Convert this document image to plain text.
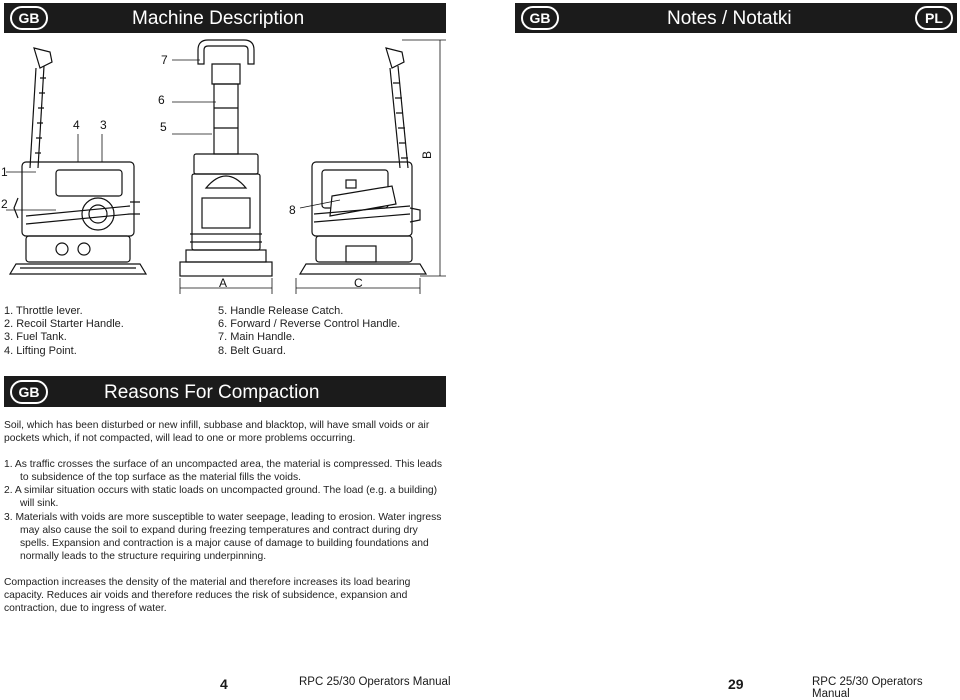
GB	Machine Description
7
6
5
4 3
1
2	8
A	C
B
1. Throttle lever.
2. Recoil Starter Handle.
3. Fuel Tank.
4. Lifting Point.
5. Handle Release Catch.
6. Forward / Reverse Control Handle.
7. Main Handle.
8. Belt Guard.
GB	Reasons For Compaction

Soil, which has been disturbed or new infill, subbase and blacktop, will have small voids or air pockets which, if not compacted, will lead to one or more problems occurring.

1. As traffic crosses the surface of an uncompacted area, the material is compressed. This leads to subsidence of the top surface as the material fills the voids.

2. A similar situation occurs with static loads on uncompacted ground. The load (e.g. a building) will sink.

3. Materials with voids are more susceptible to water seepage, leading to erosion. Water ingress may also cause the soil to expand during freezing temperatures and contract during dry spells. Expansion and contraction is a major cause of damage to building foundations and normally leads to the structure requiring underpinning.

Compaction increases the density of the material and therefore increases its load bearing capacity. Reduces air voids and therefore reduces the risk of subsidence, expansion and contraction, due to ingress of water.

4	RPC 25/30 Operators Manual
GB	Notes / Notatki	PL
29	RPC 25/30 Operators Manual
